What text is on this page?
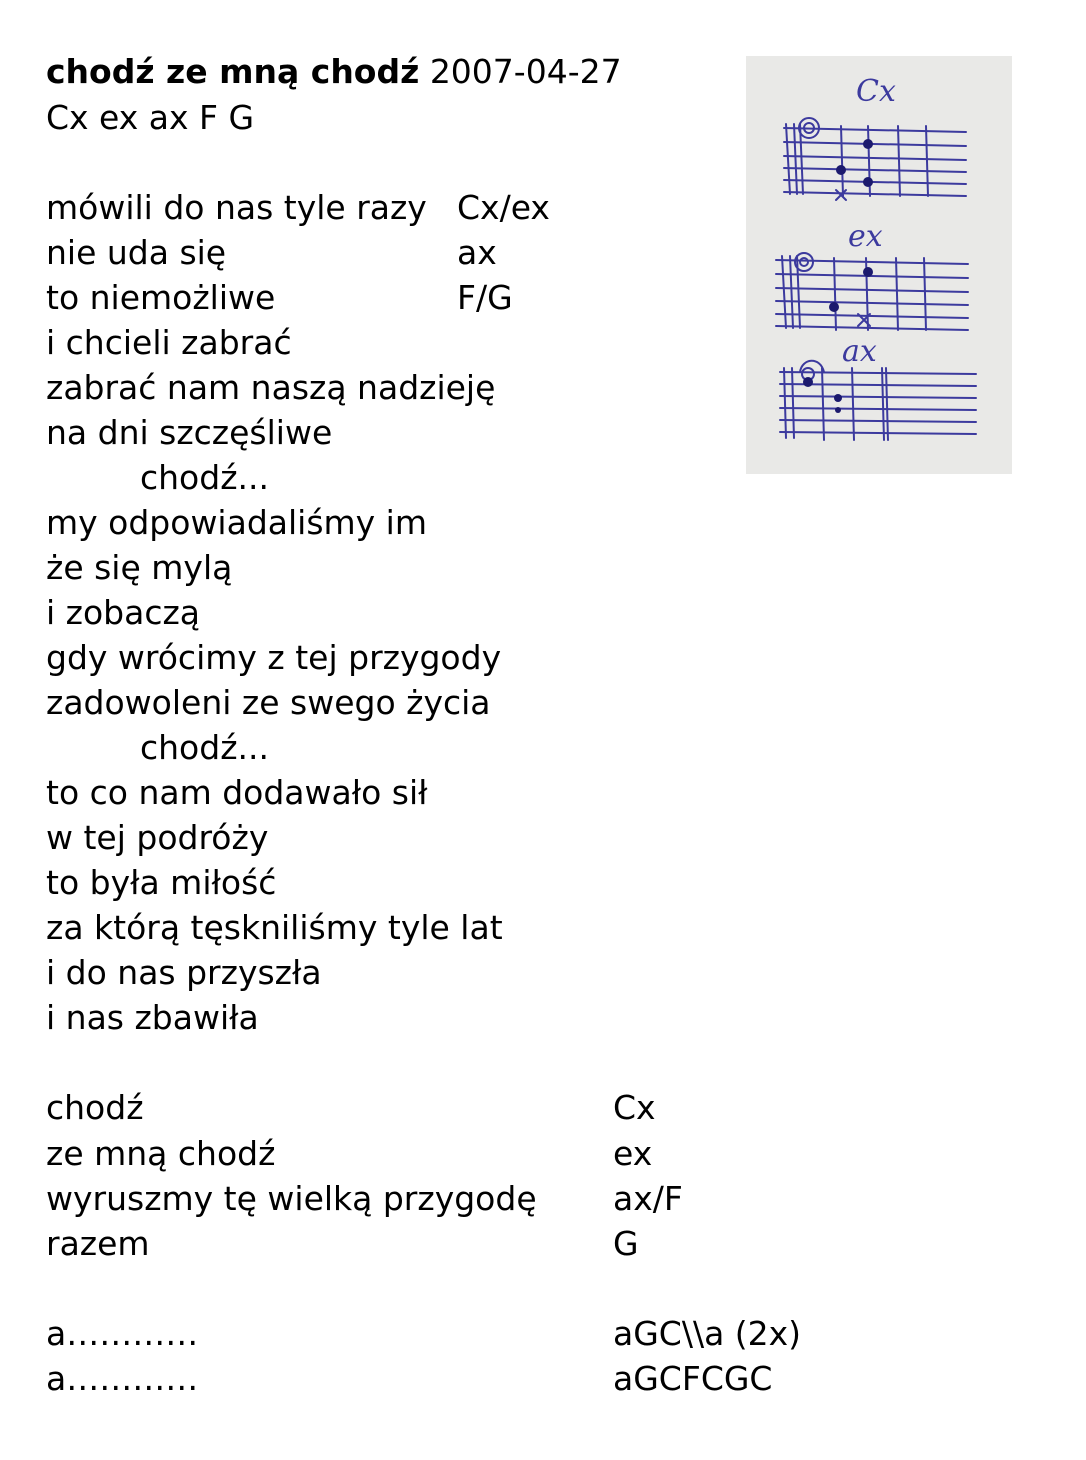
chodź ze mną chodź 2007-04-27
Cx ex ax F G
mówili do nas tyle razy Cx/ex
nie uda się	ax
to niemożliwe	F/G
i chcieli zabrać
zabrać nam naszą nadzieję
na dni szczęśliwe
chodź...
my odpowiadaliśmy im
że się mylą
i zobaczą
gdy wrócimy z tej przygody
zadowoleni ze swego życia
chodź...
to co nam dodawało sił
w tej podróży
to była miłość
za którą tęskniliśmy tyle lat
i do nas przyszła
i nas zbawiła
chodź	Cx
ze mną chodź	ex
wyruszmy tę wielką przygodę ax/F
razem	G
a…………	aGC\\a (2x)
a…………	aGCFCGC
Cx
ex
ax
